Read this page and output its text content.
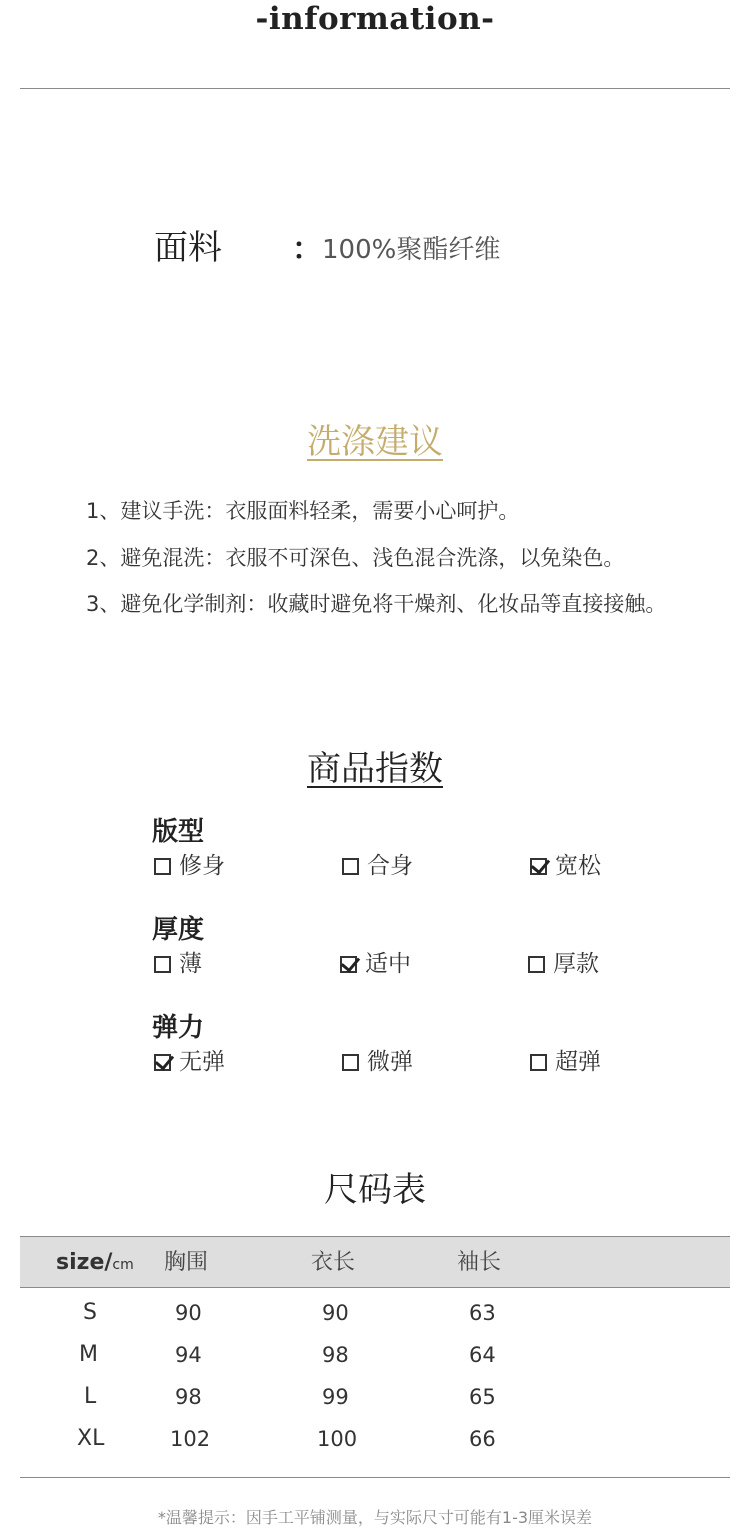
-information-
面料 ： 100%聚酯纤维
洗涤建议
1、建议手洗：衣服面料轻柔，需要小心呵护。
2、避免混洗：衣服不可深色、浅色混合洗涤，以免染色。
3、避免化学制剂：收藏时避免将干燥剂、化妆品等直接接触。
商品指数
版型
修身	合身	宽松
厚度
薄	适中	厚款
弹力
无弹	微弹	超弹
尺码表
size/cm 胸围	衣长	袖长
S	90	90	63
M	94	98	64
L	98	99	65
XL	102	100	66
*温馨提示：因手工平铺测量，与实际尺寸可能有1-3厘米误差
